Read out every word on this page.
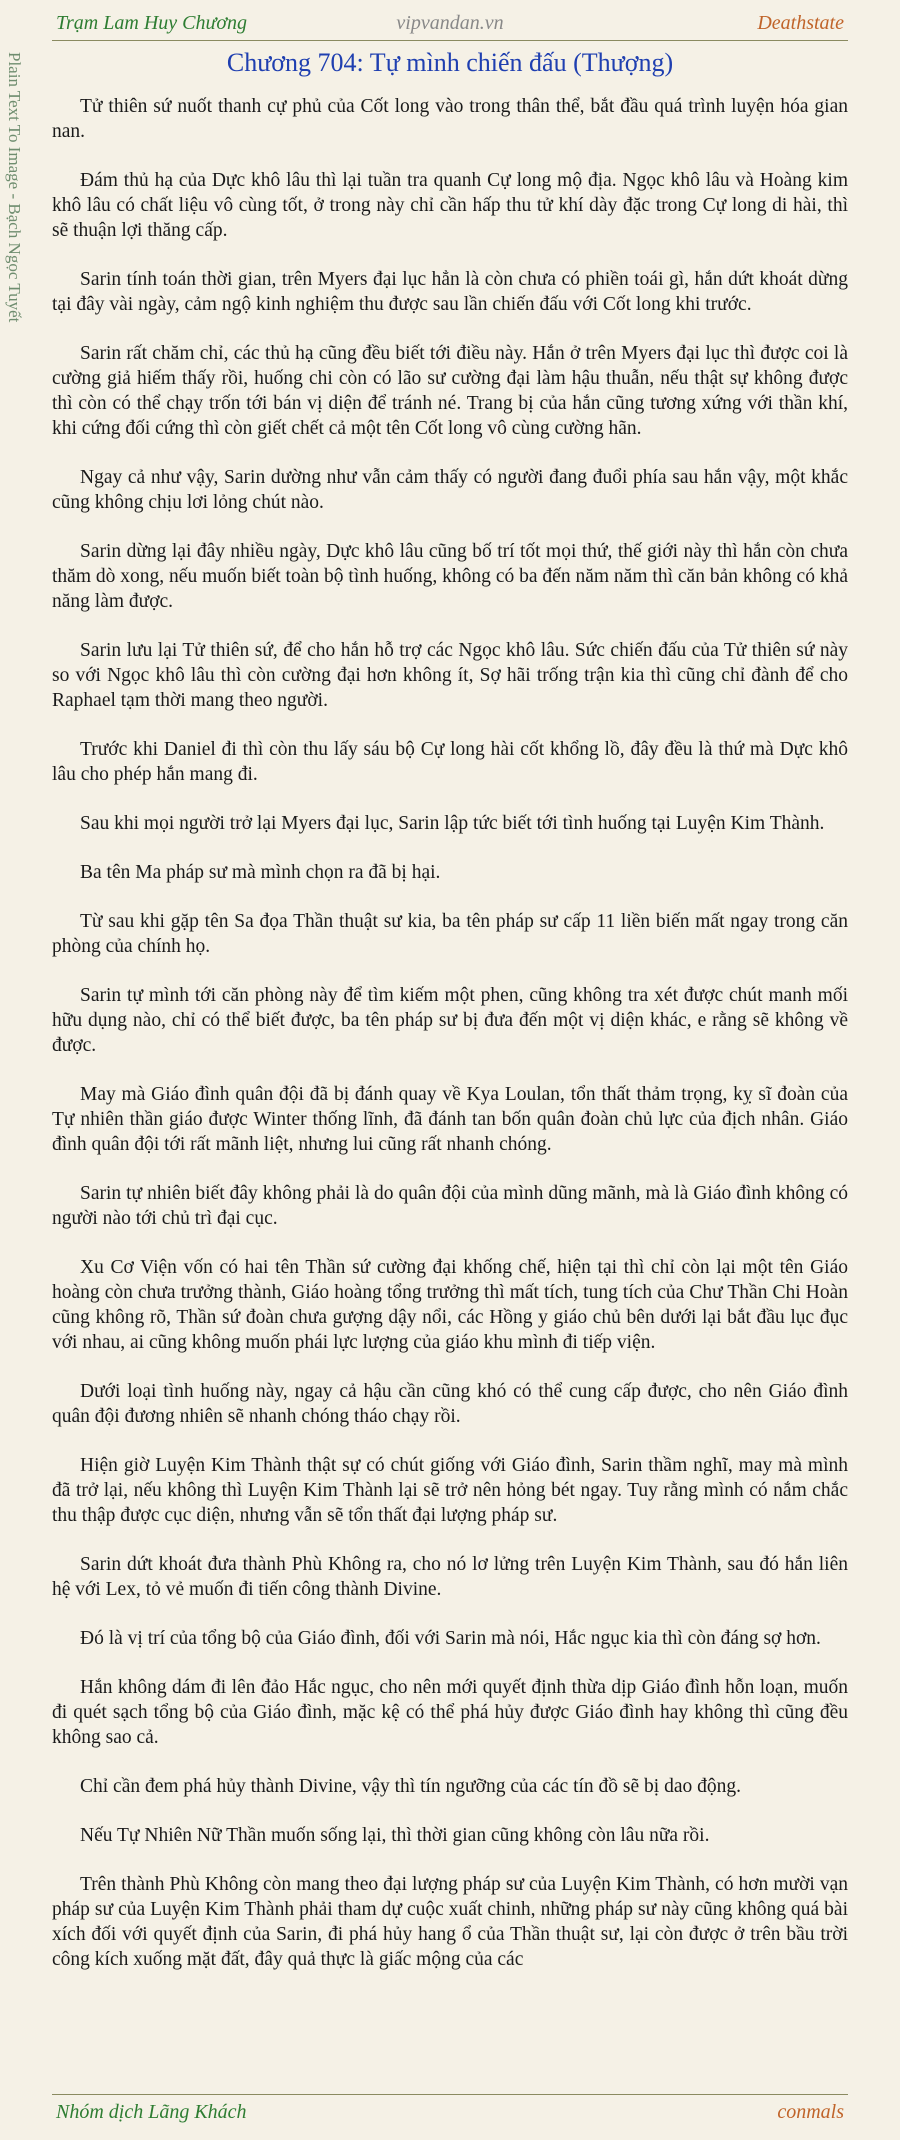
Trạm Lam Huy Chương	vipvandan.vn	Deathstate
Plain Text To Image - Bạch Ngọc Tuyết	Chương 704: Tự mình chiến đấu (Thượng)

Tử thiên sứ nuốt thanh cự phủ của Cốt long vào trong thân thể, bắt đầu quá trình luyện hóa gian nan.

Đám thủ hạ của Dực khô lâu thì lại tuần tra quanh Cự long mộ địa. Ngọc khô lâu và Hoàng kim khô lâu có chất liệu vô cùng tốt, ở trong này chỉ cần hấp thu tử khí dày đặc trong Cự long di hài, thì sẽ thuận lợi thăng cấp.

Sarin tính toán thời gian, trên Myers đại lục hẳn là còn chưa có phiền toái gì, hắn dứt khoát dừng tại đây vài ngày, cảm ngộ kinh nghiệm thu được sau lần chiến đấu với Cốt long khi trước.

Sarin rất chăm chỉ, các thủ hạ cũng đều biết tới điều này. Hắn ở trên Myers đại lục thì được coi là cường giả hiếm thấy rồi, huống chi còn có lão sư cường đại làm hậu thuẫn, nếu thật sự không được thì còn có thể chạy trốn tới bán vị diện để tránh né. Trang bị của hắn cũng tương xứng với thần khí, khi cứng đối cứng thì còn giết chết cả một tên Cốt long vô cùng cường hãn.

Ngay cả như vậy, Sarin dường như vẫn cảm thấy có người đang đuổi phía sau hắn vậy, một khắc cũng không chịu lơi lỏng chút nào.

Sarin dừng lại đây nhiều ngày, Dực khô lâu cũng bố trí tốt mọi thứ, thế giới này thì hắn còn chưa thăm dò xong, nếu muốn biết toàn bộ tình huống, không có ba đến năm năm thì căn bản không có khả năng làm được.

Sarin lưu lại Tử thiên sứ, để cho hắn hỗ trợ các Ngọc khô lâu. Sức chiến đấu của Tử thiên sứ này so với Ngọc khô lâu thì còn cường đại hơn không ít, Sợ hãi trống trận kia thì cũng chỉ đành để cho Raphael tạm thời mang theo người.

Trước khi Daniel đi thì còn thu lấy sáu bộ Cự long hài cốt khổng lồ, đây đều là thứ mà Dực khô lâu cho phép hắn mang đi.

Sau khi mọi người trở lại Myers đại lục, Sarin lập tức biết tới tình huống tại Luyện Kim Thành.

Ba tên Ma pháp sư mà mình chọn ra đã bị hại.

Từ sau khi gặp tên Sa đọa Thần thuật sư kia, ba tên pháp sư cấp 11 liền biến mất ngay trong căn phòng của chính họ.

Sarin tự mình tới căn phòng này để tìm kiếm một phen, cũng không tra xét được chút manh mối hữu dụng nào, chỉ có thể biết được, ba tên pháp sư bị đưa đến một vị diện khác, e rằng sẽ không về được.

May mà Giáo đình quân đội đã bị đánh quay về Kya Loulan, tổn thất thảm trọng, kỵ sĩ đoàn của Tự nhiên thần giáo được Winter thống lĩnh, đã đánh tan bốn quân đoàn chủ lực của địch nhân. Giáo đình quân đội tới rất mãnh liệt, nhưng lui cũng rất nhanh chóng.

Sarin tự nhiên biết đây không phải là do quân đội của mình dũng mãnh, mà là Giáo đình không có người nào tới chủ trì đại cục.

Xu Cơ Viện vốn có hai tên Thần sứ cường đại khống chế, hiện tại thì chỉ còn lại một tên Giáo hoàng còn chưa trưởng thành, Giáo hoàng tổng trưởng thì mất tích, tung tích của Chư Thần Chi Hoàn cũng không rõ, Thần sứ đoàn chưa gượng dậy nổi, các Hồng y giáo chủ bên dưới lại bắt đầu lục đục với nhau, ai cũng không muốn phái lực lượng của giáo khu mình đi tiếp viện.

Dưới loại tình huống này, ngay cả hậu cần cũng khó có thể cung cấp được, cho nên Giáo đình quân đội đương nhiên sẽ nhanh chóng tháo chạy rồi.

Hiện giờ Luyện Kim Thành thật sự có chút giống với Giáo đình, Sarin thầm nghĩ, may mà mình đã trở lại, nếu không thì Luyện Kim Thành lại sẽ trở nên hỏng bét ngay. Tuy rằng mình có nắm chắc thu thập được cục diện, nhưng vẫn sẽ tổn thất đại lượng pháp sư.

Sarin dứt khoát đưa thành Phù Không ra, cho nó lơ lửng trên Luyện Kim Thành, sau đó hắn liên hệ với Lex, tỏ vẻ muốn đi tiến công thành Divine.

Đó là vị trí của tổng bộ của Giáo đình, đối với Sarin mà nói, Hắc ngục kia thì còn đáng sợ hơn.

Hắn không dám đi lên đảo Hắc ngục, cho nên mới quyết định thừa dịp Giáo đình hỗn loạn, muốn đi quét sạch tổng bộ của Giáo đình, mặc kệ có thể phá hủy được Giáo đình hay không thì cũng đều không sao cả.

Chỉ cần đem phá hủy thành Divine, vậy thì tín ngưỡng của các tín đồ sẽ bị dao động.

Nếu Tự Nhiên Nữ Thần muốn sống lại, thì thời gian cũng không còn lâu nữa rồi.

Trên thành Phù Không còn mang theo đại lượng pháp sư của Luyện Kim Thành, có hơn mười vạn pháp sư của Luyện Kim Thành phải tham dự cuộc xuất chinh, những pháp sư này cũng không quá bài xích đối với quyết định của Sarin, đi phá hủy hang ổ của Thần thuật sư, lại còn được ở trên bầu trời công kích xuống mặt đất, đây quả thực là giấc mộng của các

Nhóm dịch Lãng Khách	conmals
